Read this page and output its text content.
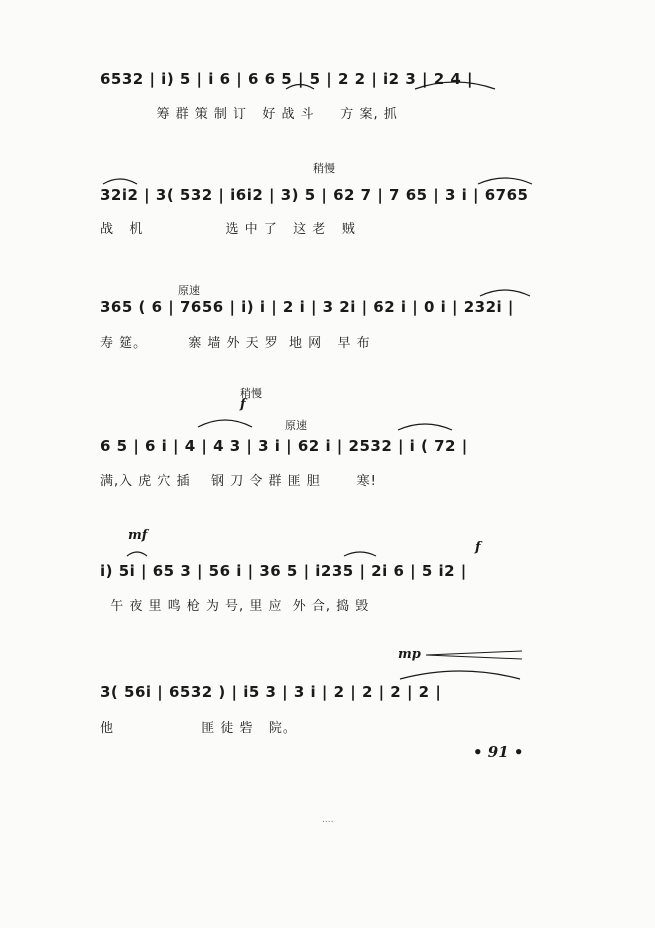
6532 | i) 5 | i 6 | 6 6 5 | 5 | 2 2 | i2 3 | 2 4 |
筹 群 策 制 订   好 战 斗     方 案, 抓
稍慢
32i2 | 3( 532 | i6i2 | 3) 5 | 62 7 | 7 65 | 3 i | 6765
战   机                选 中 了   这 老   贼
原速
365 ( 6 | 7656 | i) i | 2 i | 3 2i | 62 i | 0 i | 232i |
寿 筵。        寨 墙 外 天 罗  地 网   早 布
稍慢
f
原速
6 5 | 6 i | 4 | 4 3 | 3 i | 62 i | 2532 | i ( 72 |
满,入 虎 穴 插    钢 刀 令 群 匪 胆       寒!
mf
f
i) 5i | 65 3 | 56 i | 36 5 | i235 | 2i 6 | 5 i2 |
午 夜 里 鸣 枪 为 号, 里 应  外 合, 捣 毁
mp
3( 56i | 6532 ) | i5 3 | 3 i | 2 | 2 | 2 | 2 |
他                 匪 徒 砦   院。
• 91 •
....
